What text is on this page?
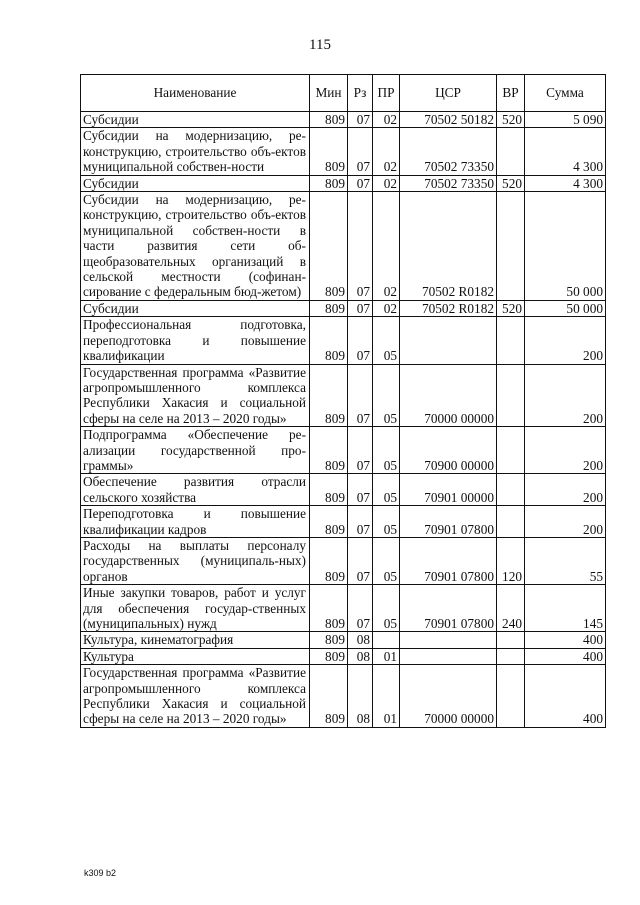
115
Наименование	Мин	Рз	ПР	ЦСР	ВР	Сумма
Субсидии	809	07	02	70502 50182	520	5 090
Субсидии на модернизацию, ре-конструкцию, строительство объ-ектов муниципальной собствен-ности	809	07	02	70502 73350		4 300
Субсидии	809	07	02	70502 73350	520	4 300
Субсидии на модернизацию, ре-конструкцию, строительство объ-ектов муниципальной собствен-ности в части развития сети об-щеобразовательных организаций в сельской местности (софинан-сирование с федеральным бюд-жетом)	809	07	02	70502 R0182		50 000
Субсидии	809	07	02	70502 R0182	520	50 000
Профессиональная подготовка, переподготовка и повышение квалификации	809	07	05			200
Государственная программа «Развитие агропромышленного комплекса Республики Хакасия и социальной сферы на селе на 2013 – 2020 годы»	809	07	05	70000 00000		200
Подпрограмма «Обеспечение ре-ализации государственной про-граммы»	809	07	05	70900 00000		200
Обеспечение развития отрасли сельского хозяйства	809	07	05	70901 00000		200
Переподготовка и повышение квалификации кадров	809	07	05	70901 07800		200
Расходы на выплаты персоналу государственных (муниципаль-ных) органов	809	07	05	70901 07800	120	55
Иные закупки товаров, работ и услуг для обеспечения государ-ственных (муниципальных) нужд	809	07	05	70901 07800	240	145
Культура, кинематография	809	08				400
Культура	809	08	01			400
Государственная программа «Развитие агропромышленного комплекса Республики Хакасия и социальной сферы на селе на 2013 – 2020 годы»	809	08	01	70000 00000		400
k309 b2
